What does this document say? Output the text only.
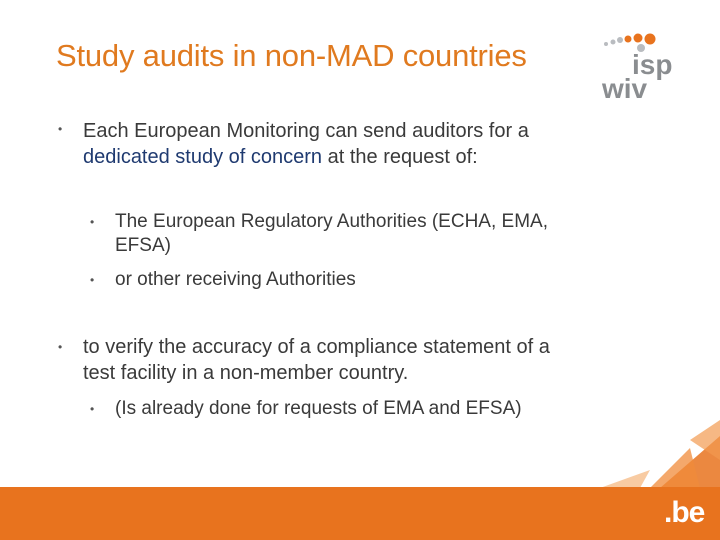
Study audits in non-MAD countries	isp
wiv
• Each European Monitoring can send auditors for a
dedicated study of concern at the request of:
• The European Regulatory Authorities (ECHA, EMA,
EFSA)
• or other receiving Authorities
• to verify the accuracy of a compliance statement of a
test facility in a non-member country.
• (Is already done for requests of EMA and EFSA)
.be
